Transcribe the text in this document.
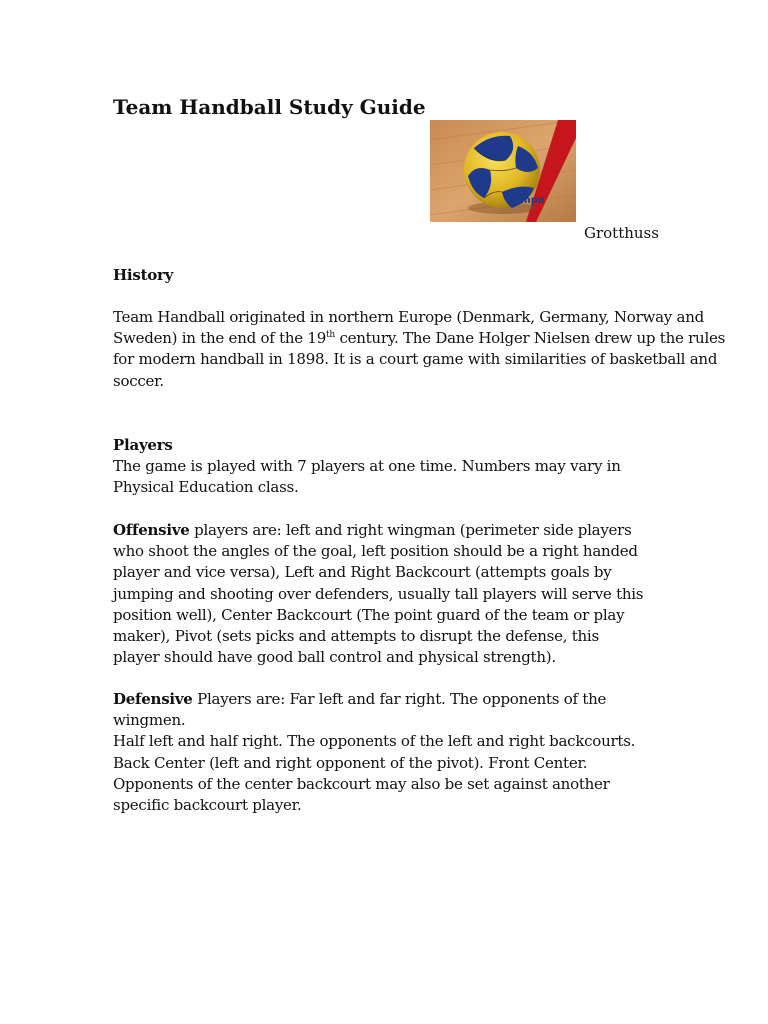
Team Handball Study Guide
Kempa
Grotthuss
History

Team Handball originated in northern Europe (Denmark, Germany, Norway and
Sweden) in the end of the 19th century. The Dane Holger Nielsen drew up the rules
for modern handball in 1898. It is a court game with similarities of basketball and
soccer.

Players

The game is played with 7 players at one time. Numbers may vary in
Physical Education class.

Offensive players are: left and right wingman (perimeter side players
who shoot the angles of the goal, left position should be a right handed
player and vice versa), Left and Right Backcourt (attempts goals by
jumping and shooting over defenders, usually tall players will serve this
position well), Center Backcourt (The point guard of the team or play
maker), Pivot (sets picks and attempts to disrupt the defense, this
player should have good ball control and physical strength).

Defensive Players are: Far left and far right. The opponents of the
wingmen.
Half left and half right. The opponents of the left and right backcourts.
Back Center (left and right opponent of the pivot). Front Center.
Opponents of the center backcourt may also be set against another
specific backcourt player.
